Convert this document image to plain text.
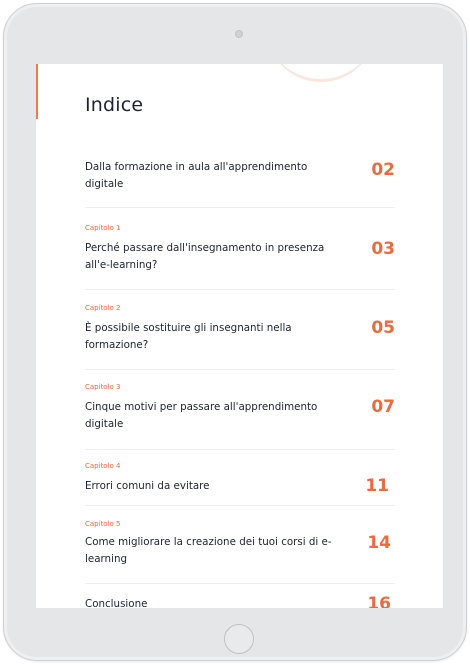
Indice
Dalla formazione in aula all'apprendimento digitale
02
Capitolo 1
Perché passare dall'insegnamento in presenza all'e-learning?
03
Capitolo 2
È possibile sostituire gli insegnanti nella formazione?
05
Capitolo 3
Cinque motivi per passare all'apprendimento digitale
07
Capitolo 4
Errori comuni da evitare	11
Capitolo 5
Come migliorare la creazione dei tuoi corsi di e-learning
14
Conclusione	16
